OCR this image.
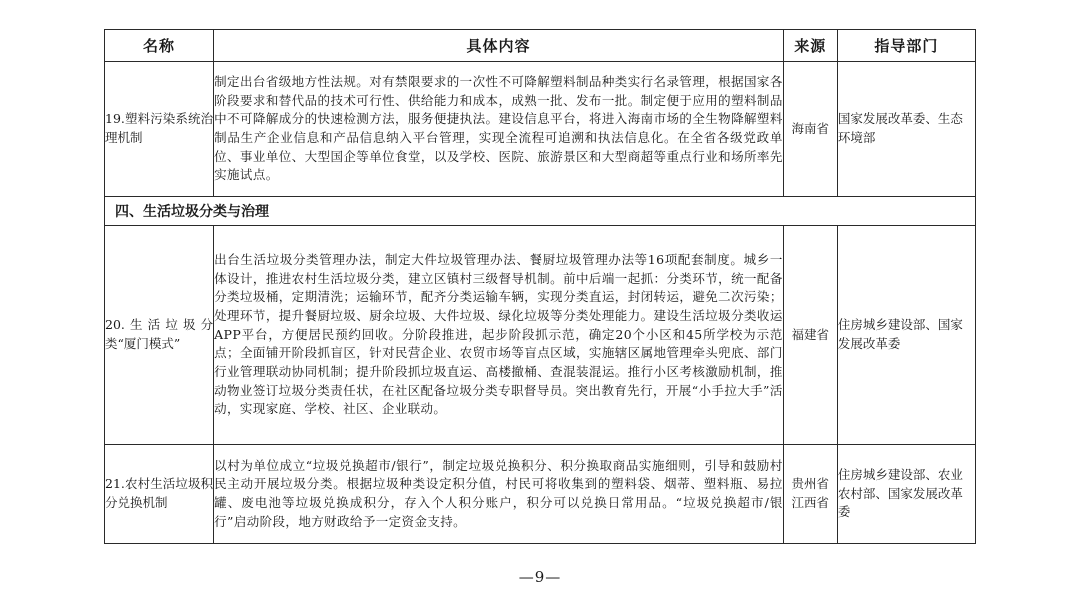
名称	具体内容	来源	指导部门
19.塑料污染系统治理机制	制定出台省级地方性法规。对有禁限要求的一次性不可降解塑料制品种类实行名录管理，根据国家各阶段要求和替代品的技术可行性、供给能力和成本，成熟一批、发布一批。制定便于应用的塑料制品中不可降解成分的快速检测方法，服务便捷执法。建设信息平台，将进入海南市场的全生物降解塑料制品生产企业信息和产品信息纳入平台管理，实现全流程可追溯和执法信息化。在全省各级党政单位、事业单位、大型国企等单位食堂，以及学校、医院、旅游景区和大型商超等重点行业和场所率先实施试点。	海南省	国家发展改革委、生态环境部
四、生活垃圾分类与治理			
20.生活垃圾分类“厦门模式”	出台生活垃圾分类管理办法，制定大件垃圾管理办法、餐厨垃圾管理办法等16项配套制度。城乡一体设计，推进农村生活垃圾分类，建立区镇村三级督导机制。前中后端一起抓：分类环节，统一配备分类垃圾桶，定期清洗；运输环节，配齐分类运输车辆，实现分类直运，封闭转运，避免二次污染；处理环节，提升餐厨垃圾、厨余垃圾、大件垃圾、绿化垃圾等分类处理能力。建设生活垃圾分类收运APP平台，方便居民预约回收。分阶段推进，起步阶段抓示范，确定20个小区和45所学校为示范点；全面铺开阶段抓盲区，针对民营企业、农贸市场等盲点区域，实施辖区属地管理牵头兜底、部门行业管理联动协同机制；提升阶段抓垃圾直运、高楼撤桶、查混装混运。推行小区考核激励机制，推动物业签订垃圾分类责任状，在社区配备垃圾分类专职督导员。突出教育先行，开展“小手拉大手”活动，实现家庭、学校、社区、企业联动。	福建省	住房城乡建设部、国家发展改革委
21.农村生活垃圾积分兑换机制	以村为单位成立“垃圾兑换超市/银行”，制定垃圾兑换积分、积分换取商品实施细则，引导和鼓励村民主动开展垃圾分类。根据垃圾种类设定积分值，村民可将收集到的塑料袋、烟蒂、塑料瓶、易拉罐、废电池等垃圾兑换成积分，存入个人积分账户，积分可以兑换日常用品。“垃圾兑换超市/银行”启动阶段，地方财政给予一定资金支持。	贵州省江西省	住房城乡建设部、农业农村部、国家发展改革委
—9—
